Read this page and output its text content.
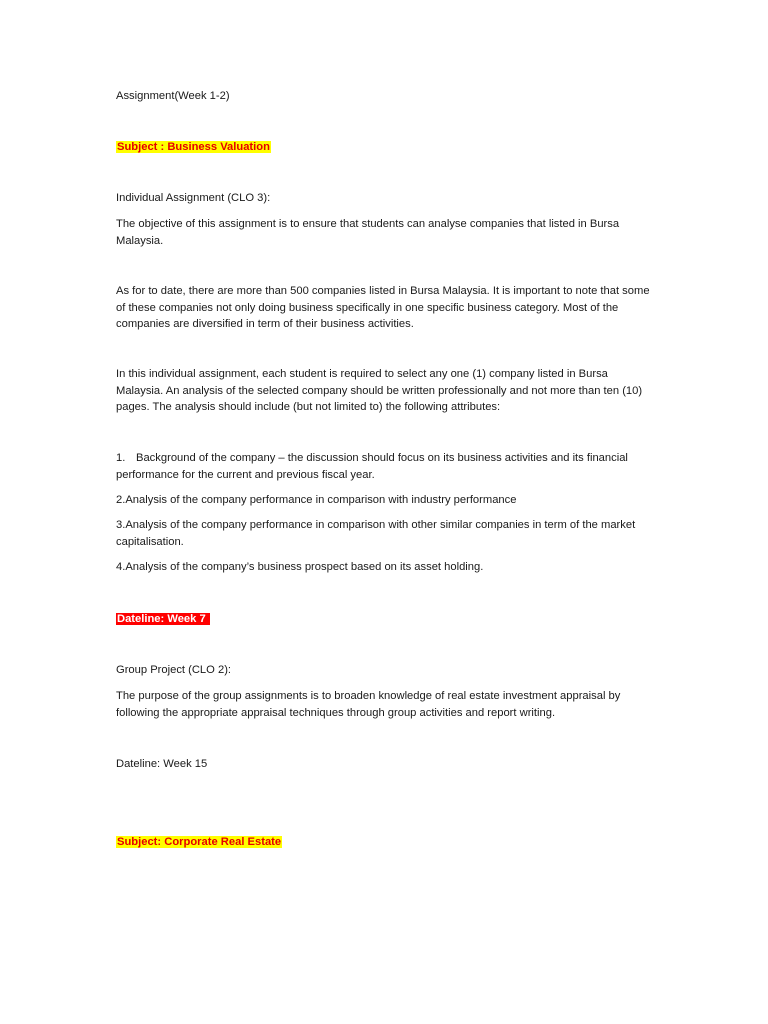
Assignment(Week 1-2)

Subject : Business Valuation

Individual Assignment (CLO 3):

The objective of this assignment is to ensure that students can analyse companies that listed in Bursa Malaysia.

As for to date, there are more than 500 companies listed in Bursa Malaysia. It is important to note that some of these companies not only doing business specifically in one specific business category. Most of the companies are diversified in term of their business activities.

In this individual assignment, each student is required to select any one (1) company listed in Bursa Malaysia. An analysis of the selected company should be written professionally and not more than ten (10) pages. The analysis should include (but not limited to) the following attributes:

1. Background of the company – the discussion should focus on its business activities and its financial performance for the current and previous fiscal year.

2.Analysis of the company performance in comparison with industry performance

3.Analysis of the company performance in comparison with other similar companies in term of the market capitalisation.

4.Analysis of the company’s business prospect based on its asset holding.

Dateline: Week 7

Group Project (CLO 2):

The purpose of the group assignments is to broaden knowledge of real estate investment appraisal by following the appropriate appraisal techniques through group activities and report writing.

Dateline: Week 15

Subject: Corporate Real Estate
